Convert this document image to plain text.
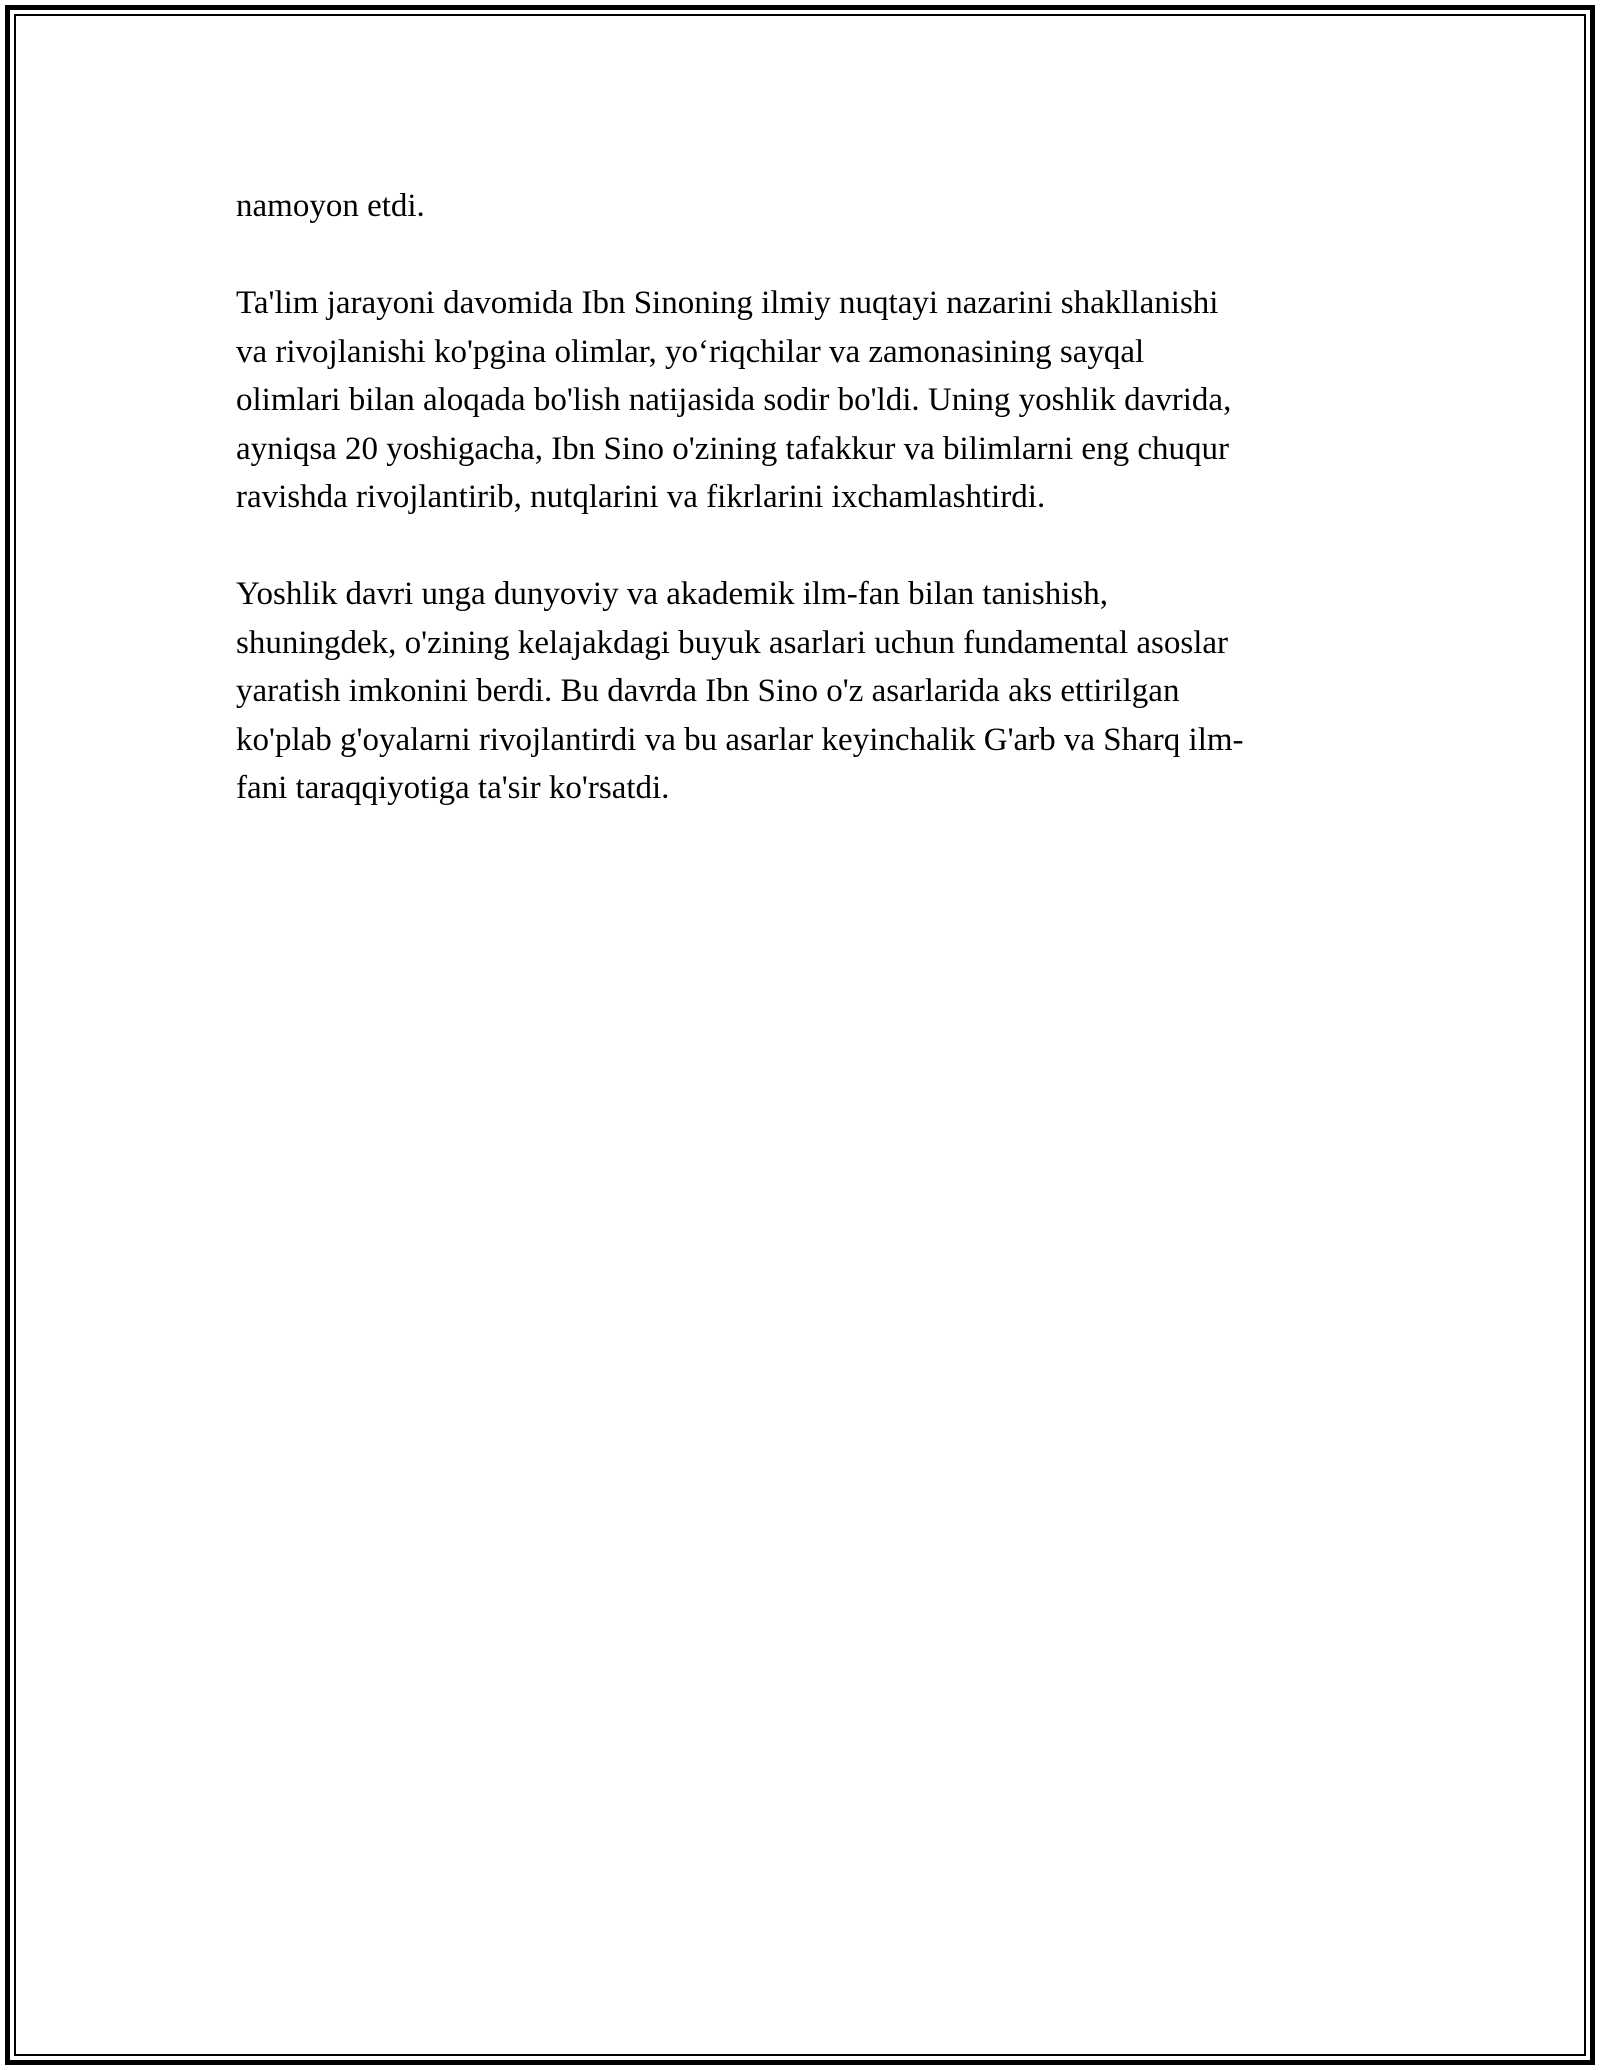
namoyon etdi.

Ta'lim jarayoni davomida Ibn Sinoning ilmiy nuqtayi nazarini shakllanishi
va rivojlanishi ko'pgina olimlar, yo‘riqchilar va zamonasining sayqal
olimlari bilan aloqada bo'lish natijasida sodir bo'ldi. Uning yoshlik davrida,
ayniqsa 20 yoshigacha, Ibn Sino o'zining tafakkur va bilimlarni eng chuqur
ravishda rivojlantirib, nutqlarini va fikrlarini ixchamlashtirdi.

Yoshlik davri unga dunyoviy va akademik ilm-fan bilan tanishish,
shuningdek, o'zining kelajakdagi buyuk asarlari uchun fundamental asoslar
yaratish imkonini berdi. Bu davrda Ibn Sino o'z asarlarida aks ettirilgan
ko'plab g'oyalarni rivojlantirdi va bu asarlar keyinchalik G'arb va Sharq ilm-
fani taraqqiyotiga ta'sir ko'rsatdi.
